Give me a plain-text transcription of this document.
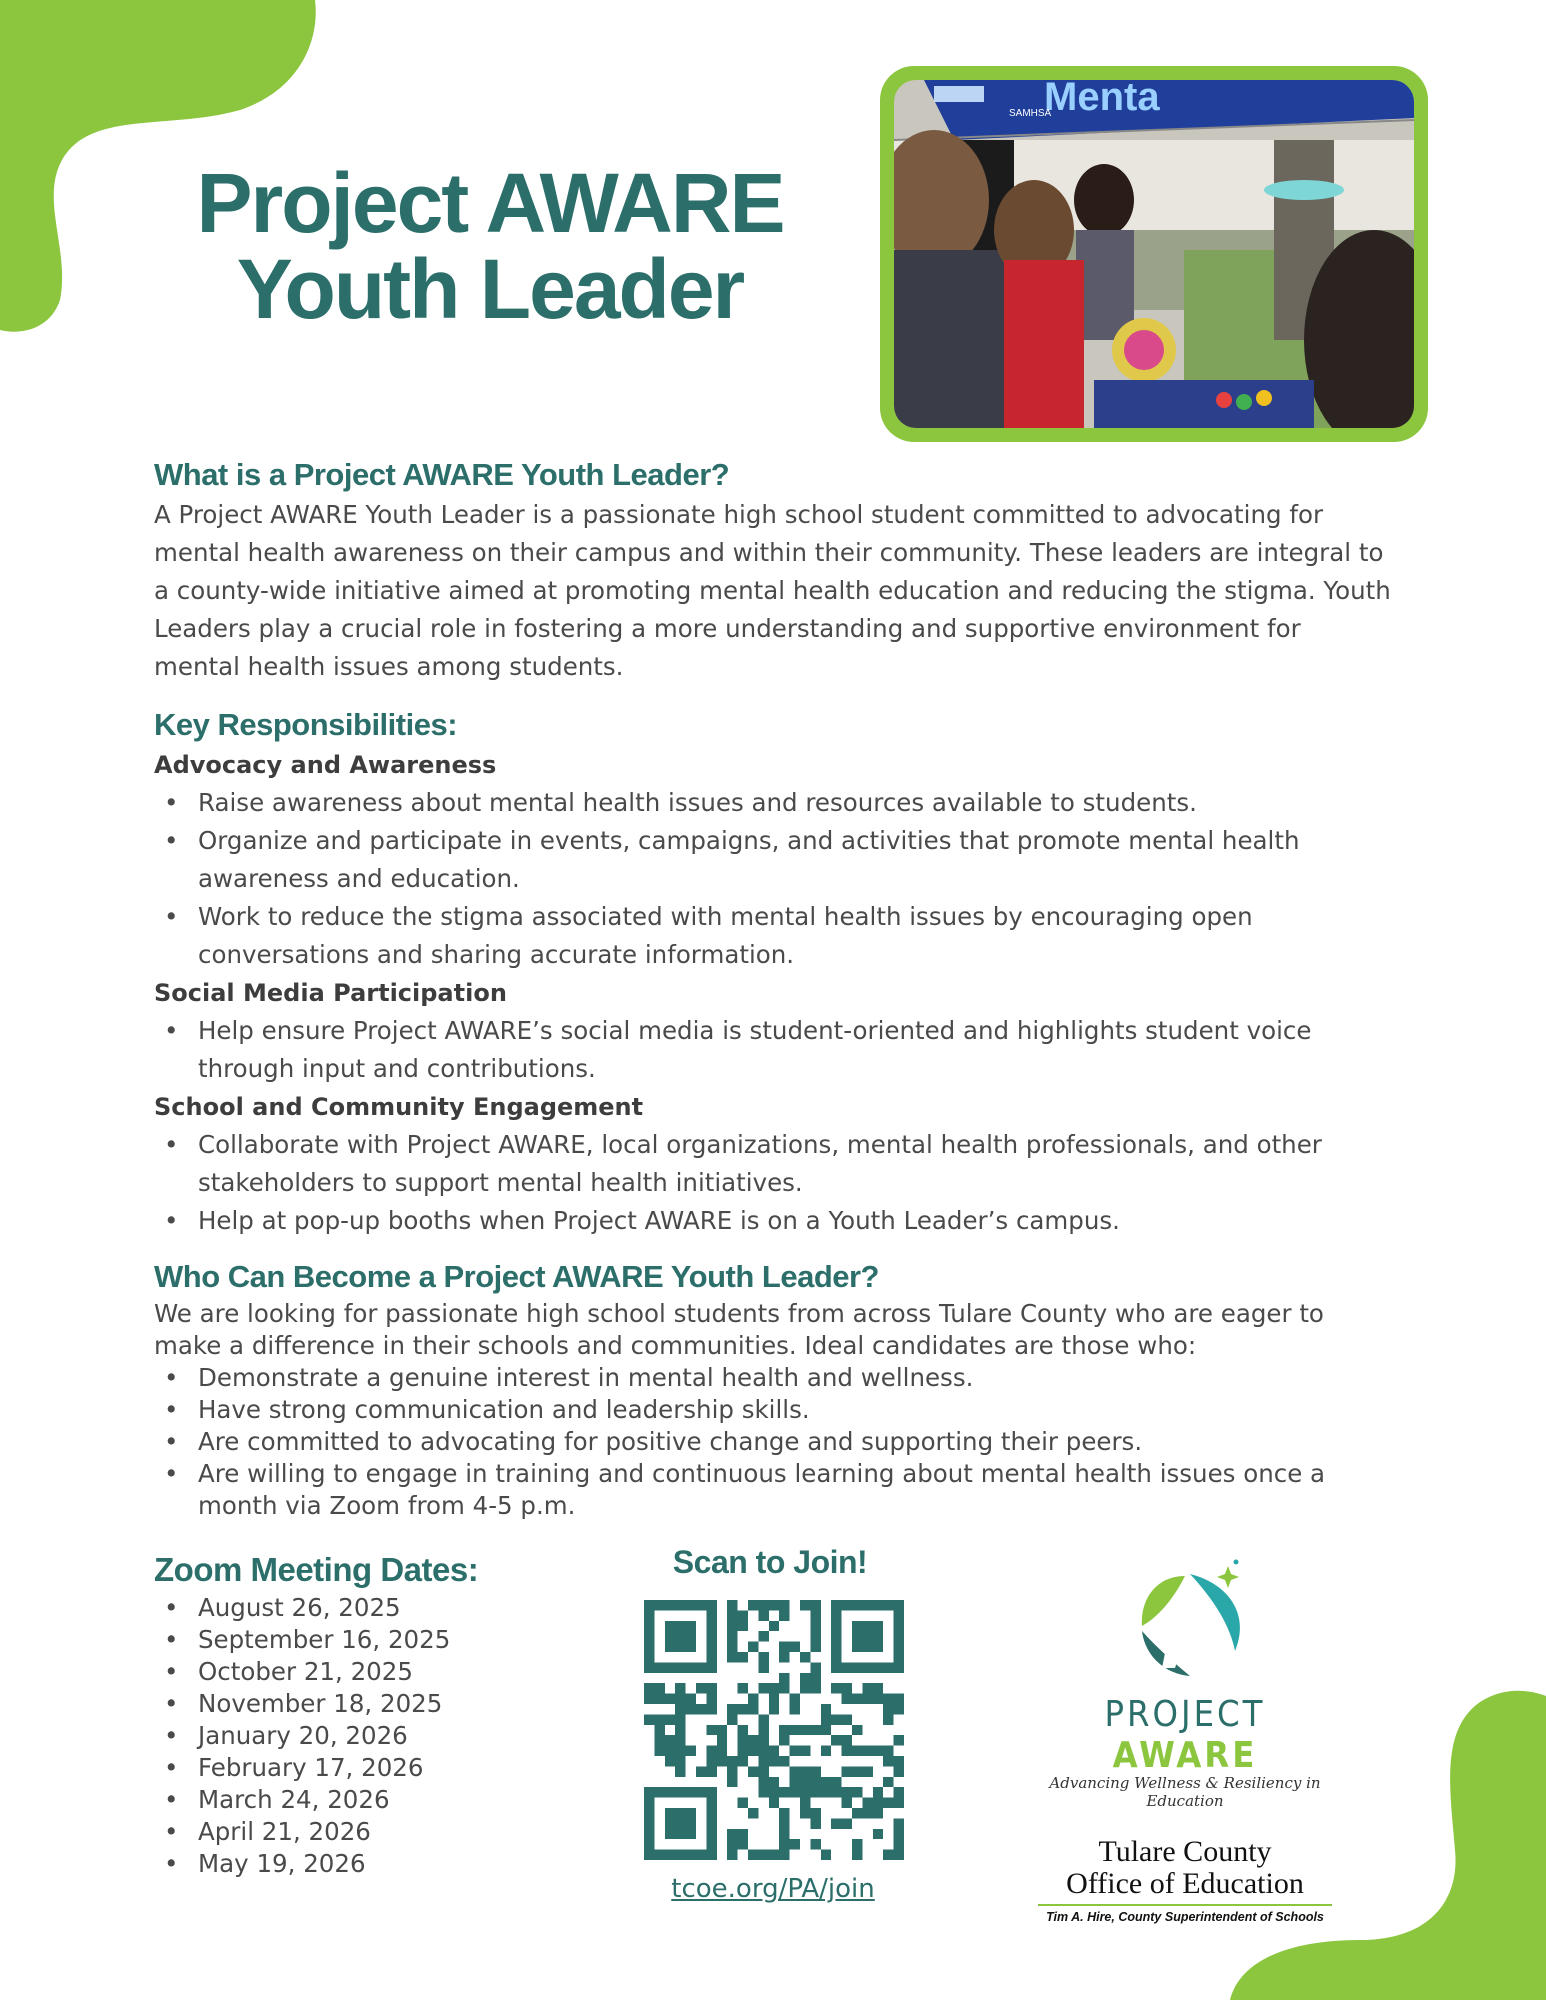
Project AWARE
Youth Leader
Menta
SAMHSA
What is a Project AWARE Youth Leader?
A Project AWARE Youth Leader is a passionate high school student committed to advocating for mental health awareness on their campus and within their community. These leaders are integral to a county-wide initiative aimed at promoting mental health education and reducing the stigma. Youth Leaders play a crucial role in fostering a more understanding and supportive environment for mental health issues among students.
Key Responsibilities:
Advocacy and Awareness
• Raise awareness about mental health issues and resources available to students.
• Organize and participate in events, campaigns, and activities that promote mental health awareness and education.
• Work to reduce the stigma associated with mental health issues by encouraging open conversations and sharing accurate information.
Social Media Participation
• Help ensure Project AWARE’s social media is student-oriented and highlights student voice through input and contributions.
School and Community Engagement
• Collaborate with Project AWARE, local organizations, mental health professionals, and other stakeholders to support mental health initiatives.
• Help at pop-up booths when Project AWARE is on a Youth Leader’s campus.
Who Can Become a Project AWARE Youth Leader?
We are looking for passionate high school students from across Tulare County who are eager to make a difference in their schools and communities. Ideal candidates are those who:
• Demonstrate a genuine interest in mental health and wellness.
• Have strong communication and leadership skills.
• Are committed to advocating for positive change and supporting their peers.
• Are willing to engage in training and continuous learning about mental health issues once a month via Zoom from 4-5 p.m.
Zoom Meeting Dates:
• August 26, 2025
• September 16, 2025
• October 21, 2025
• November 18, 2025
• January 20, 2026
• February 17, 2026
• March 24, 2026
• April 21, 2026
• May 19, 2026
Scan to Join!
tcoe.org/PA/join
PROJECT AWARE
Advancing Wellness & Resiliency in Education
Tulare County
Office of Education
Tim A. Hire, County Superintendent of Schools
